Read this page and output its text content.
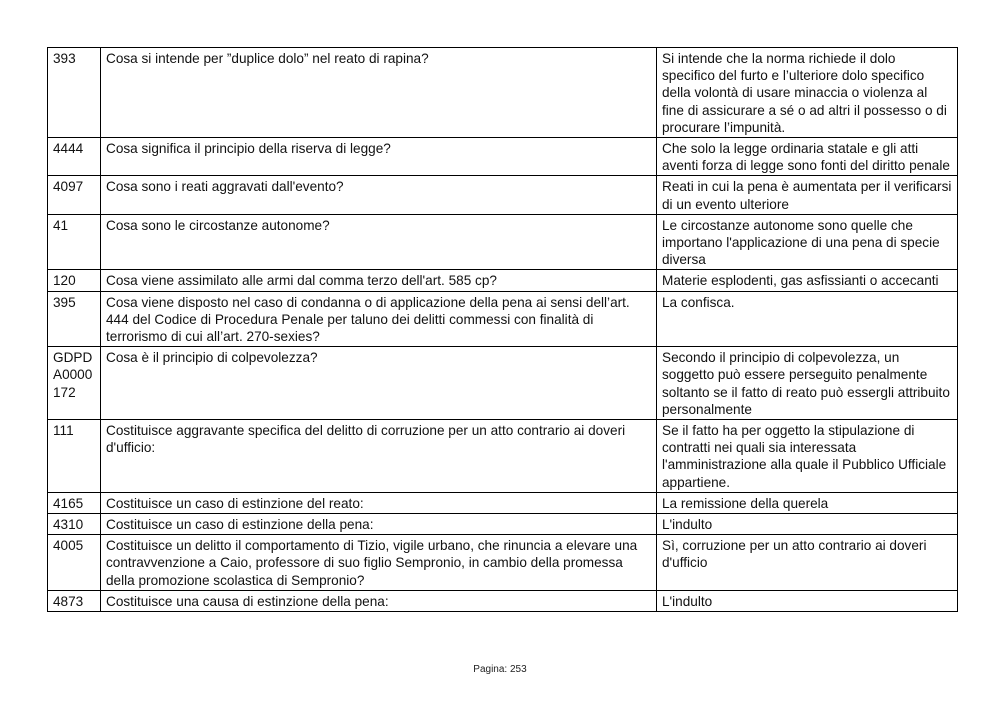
393	Cosa si intende per ”duplice dolo” nel reato di rapina?	Si intende che la norma richiede il dolo specifico del furto e l’ulteriore dolo specifico della volontà di usare minaccia o violenza al fine di assicurare a sé o ad altri il possesso o di procurare l’impunità.
4444	Cosa significa il principio della riserva di legge?	Che solo la legge ordinaria statale e gli atti aventi forza di legge sono fonti del diritto penale
4097	Cosa sono i reati aggravati dall'evento?	Reati in cui la pena è aumentata per il verificarsi di un evento ulteriore
41	Cosa sono le circostanze autonome?	Le circostanze autonome sono quelle che importano l'applicazione di una pena di specie diversa
120	Cosa viene assimilato alle armi dal comma terzo dell'art. 585 cp?	Materie esplodenti, gas asfissianti o accecanti
395	Cosa viene disposto nel caso di condanna o di applicazione della pena ai sensi dell’art. 444 del Codice di Procedura Penale per taluno dei delitti commessi con finalità di terrorismo di cui all’art. 270-sexies?	La confisca.
GDPDA0000172	Cosa è il principio di colpevolezza?	Secondo il principio di colpevolezza, un soggetto può essere perseguito penalmente soltanto se il fatto di reato può essergli attribuito personalmente
111	Costituisce aggravante specifica del delitto di corruzione per un atto contrario ai doveri d'ufficio:	Se il fatto ha per oggetto la stipulazione di contratti nei quali sia interessata l'amministrazione alla quale il Pubblico Ufficiale appartiene.
4165	Costituisce un caso di estinzione del reato:	La remissione della querela
4310	Costituisce un caso di estinzione della pena:	L'indulto
4005	Costituisce un delitto il comportamento di Tizio, vigile urbano, che rinuncia a elevare una contravvenzione a Caio, professore di suo figlio Sempronio, in cambio della promessa della promozione scolastica di Sempronio?	Sì, corruzione per un atto contrario ai doveri d'ufficio
4873	Costituisce una causa di estinzione della pena:	L'indulto
Pagina: 253
